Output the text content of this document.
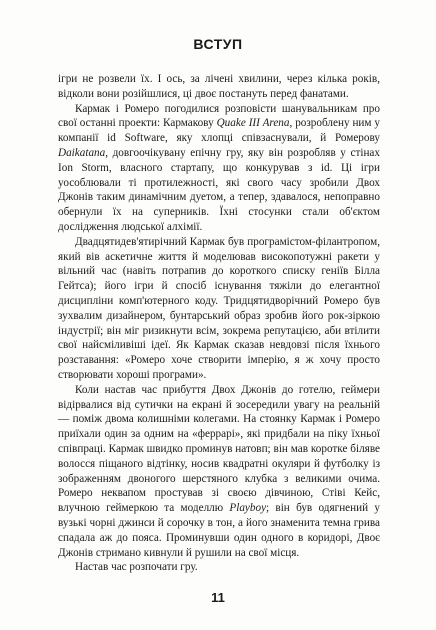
ВСТУП

ігри не розвели їх. І ось, за лічені хвилини, через кілька років, відколи вони розійшлися, ці двоє постануть перед фанатами.

Кармак і Ромеро погодилися розповісти шанувальникам про свої останні проекти: Кармакову Quake III Arena, розроблену ним у компанії id Software, яку хлопці співзаснували, й Ромерову Daikatana, довгоочікувану епічну гру, яку він розробляв у стінах Ion Storm, власного стартапу, що конкурував з id. Ці ігри уособлювали ті протилежності, які свого часу зробили Двох Джонів таким динамічним дуетом, а тепер, здавалося, непоправно обернули їх на суперників. Їхні стосунки стали об'єктом дослідження людської алхімії.

Двадцятидев'ятирічний Кармак був програмістом-філантропом, який вів аскетичне життя й моделював високопотужні ракети у вільний час (навіть потрапив до короткого списку геніїв Білла Гейтса); його ігри й спосіб існування тяжіли до елегантної дисципліни комп'ютерного коду. Тридцятидворічний Ромеро був зухвалим дизайнером, бунтарський образ зробив його рок-зіркою індустрії; він міг ризикнути всім, зокрема репутацією, аби втілити свої найсміливіші ідеї. Як Кармак сказав невдовзі після їхнього розставання: «Ромеро хоче створити імперію, я ж хочу просто створювати хороші програми».

Коли настав час прибуття Двох Джонів до готелю, геймери відірвалися від сутички на екрані й зосередили увагу на реальній — поміж двома колишніми колегами. На стоянку Кармак і Ромеро приїхали один за одним на «феррарі», які придбали на піку їхньої співпраці. Кармак швидко проминув натовп; він мав коротке біляве волосся піщаного відтінку, носив квадратні окуляри й футболку із зображенням двоногого шерстяного клубка з великими очима. Ромеро неквапом простував зі своєю дівчиною, Стіві Кейс, влучною геймеркою та моделлю Playboy; він був одягнений у вузькі чорні джинси й сорочку в тон, а його знаменита темна грива спадала аж до пояса. Проминувши один одного в коридорі, Двоє Джонів стримано кивнули й рушили на свої місця.

Настав час розпочати гру.

11
